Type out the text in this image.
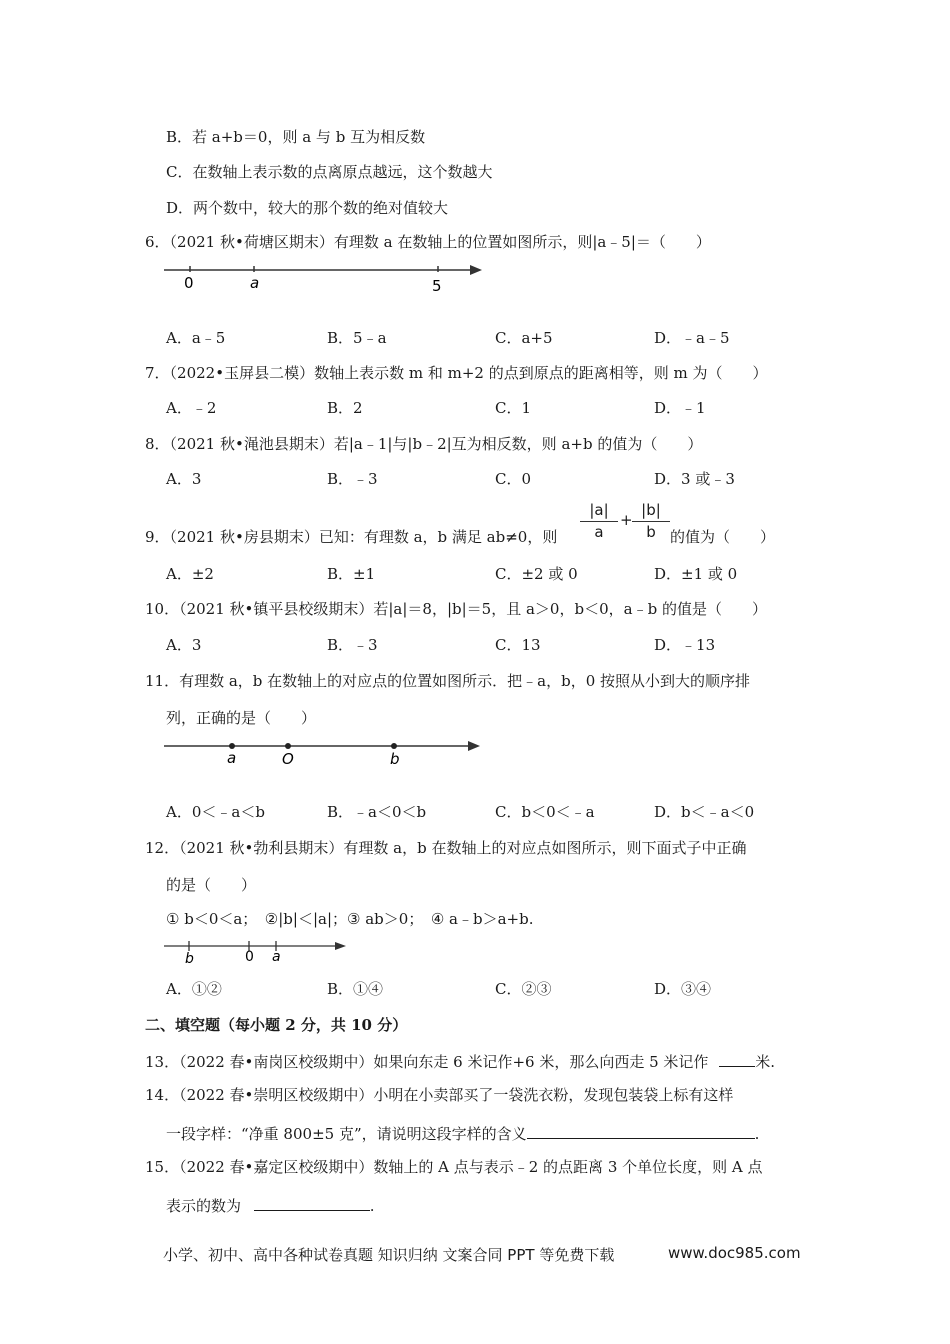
B．若 a+b＝0，则 a 与 b 互为相反数
C．在数轴上表示数的点离原点越远，这个数越大
D．两个数中，较大的那个数的绝对值较大
6．（2021 秋•荷塘区期末）有理数 a 在数轴上的位置如图所示，则|a﹣5|＝（　　）
0	a	5
A．a﹣5	B．5﹣a	C．a+5	D．﹣a﹣5
7．（2022•玉屏县二模）数轴上表示数 m 和 m+2 的点到原点的距离相等，则 m 为（　　）
A．﹣2	B．2	C．1	D．﹣1
8．（2021 秋•渑池县期末）若|a﹣1|与|b﹣2|互为相反数，则 a+b 的值为（　　）
A．3	B．﹣3	C．0	D．3 或﹣3
9．（2021 秋•房县期末）已知：有理数 a，b 满足 ab≠0，则
|a|
a
+
|b|
b 的值为（　　）
A．±2	B．±1	C．±2 或 0	D．±1 或 0
10．（2021 秋•镇平县校级期末）若|a|＝8，|b|＝5，且 a＞0，b＜0，a﹣b 的值是（　　）
A．3	B．﹣3	C．13	D．﹣13
11．有理数 a，b 在数轴上的对应点的位置如图所示．把﹣a，b，0 按照从小到大的顺序排
列，正确的是（　　）
a	O	b
A．0＜﹣a＜b	B．﹣a＜0＜b	C．b＜0＜﹣a	D．b＜﹣a＜0
12．（2021 秋•勃利县期末）有理数 a，b 在数轴上的对应点如图所示，则下面式子中正确
的是（　　）
① b＜0＜a；　②|b|＜|a|；③ ab＞0；　④ a﹣b＞a+b.
b	0 a
A．①②	B．①④	C．②③	D．③④
二、填空题（每小题 2 分，共 10 分）
13．（2022 春•南岗区校级期中）如果向东走 6 米记作+6 米，那么向西走 5 米记作	米.
14．（2022 春•崇明区校级期中）小明在小卖部买了一袋洗衣粉，发现包装袋上标有这样
一段字样：“净重 800±5 克”，请说明这段字样的含义	.
15．（2022 春•嘉定区校级期中）数轴上的 A 点与表示﹣2 的点距离 3 个单位长度，则 A 点
表示的数为	.
小学、初中、高中各种试卷真题 知识归纳 文案合同 PPT 等免费下载	www.doc985.com
